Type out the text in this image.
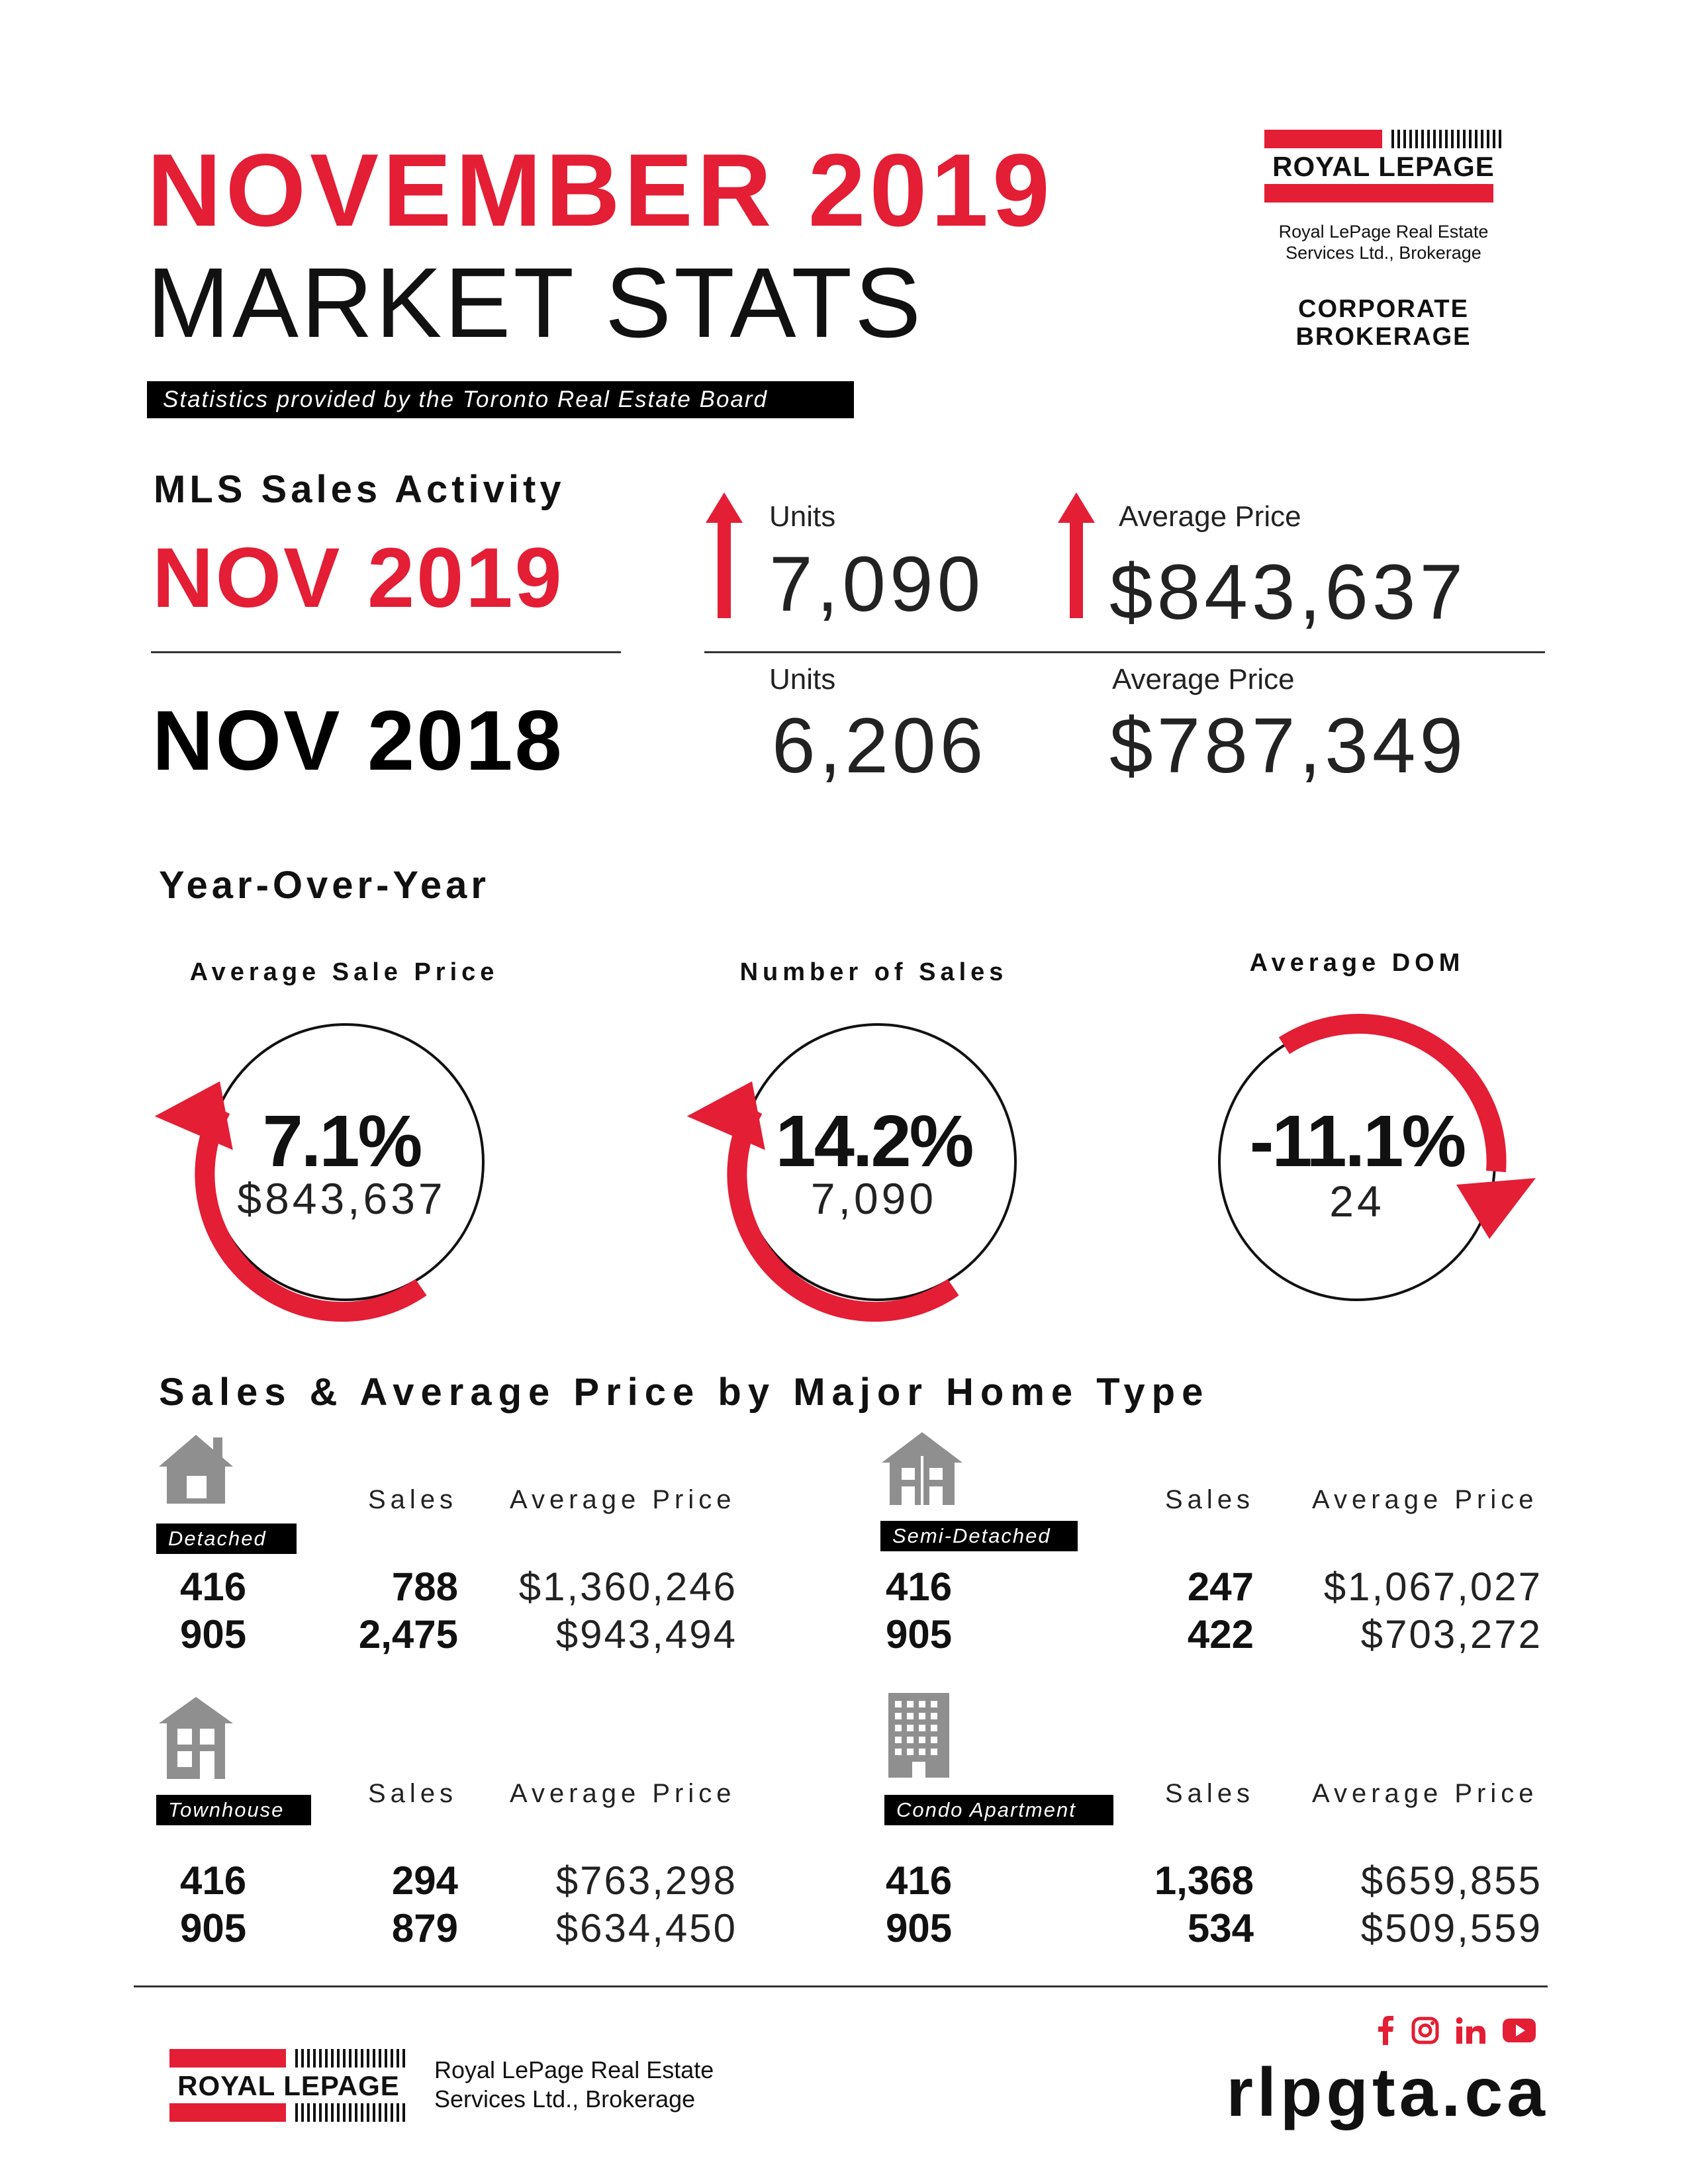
NOVEMBER 2019
MARKET STATS
Statistics provided by the Toronto Real Estate Board
ROYAL LEPAGE
Royal LePage Real Estate
Services Ltd., Brokerage
CORPORATE
BROKERAGE
MLS Sales Activity
NOV 2019
NOV 2018
Units
7,090
Average Price
$843,637
Units
6,206
Average Price
$787,349
Year-Over-Year
Average Sale Price
7.1%
$843,637
Number of Sales
14.2%
7,090
Average DOM
-11.1%
24
Sales & Average Price by Major Home Type
Sales Average Price
Detached
416	788	$1,360,246
905	2,475	$943,494
Sales Average Price
Semi-Detached
416	247	$1,067,027
905	422	$703,272
Sales Average Price
Townhouse
416	294	$763,298
905	879	$634,450
Sales Average Price
Condo Apartment
416	1,368	$659,855
905	534	$509,559
ROYAL LEPAGE
Royal LePage Real Estate
Services Ltd., Brokerage	rlpgta.ca
